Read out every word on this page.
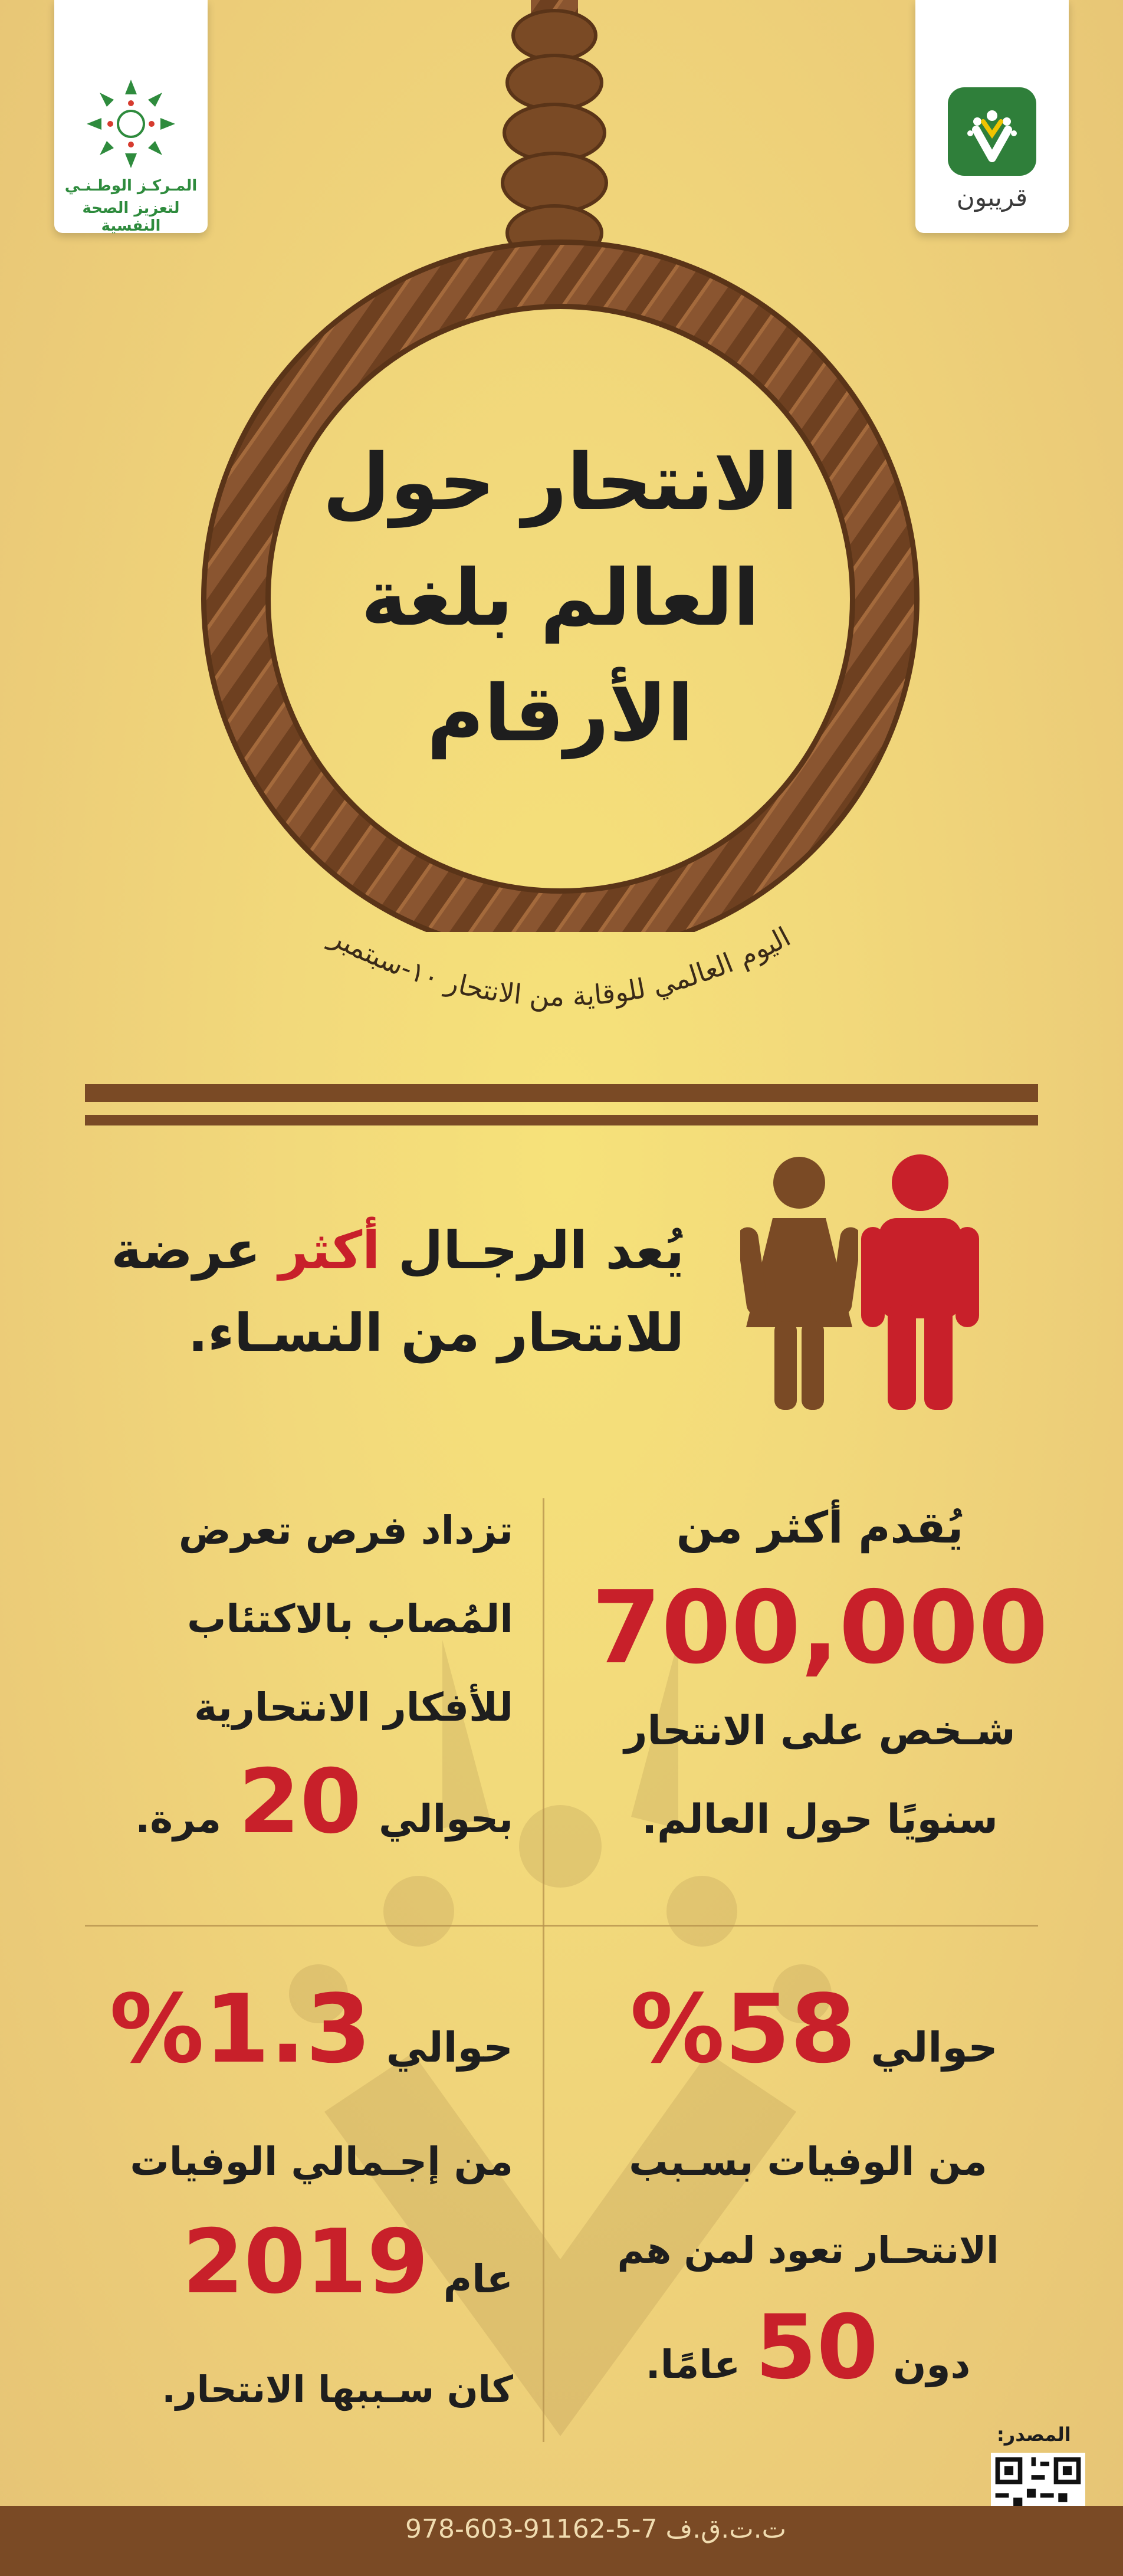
قريبون
المـركـز الوطـنـي
لتعزيز الصحة النفسية
الانتحار حول
العالم بلغة
الأرقام
اليوم العالمي للوقاية من الانتحار ١٠-سبتمبر
يُعد الرجـال أكثر عرضة
للانتحار من النسـاء.
يُقدم أكثر من
700,000
شـخص على الانتحار
سنويًا حول العالم.
تزداد فرص تعرض
المُصاب بالاكتئاب
للأفكار الانتحارية
بحوالي 20 مرة.
حوالي %58
من الوفيات بسـبب
الانتحـار تعود لمن هم
دون 50 عامًا.
حوالي %1.3
من إجـمالي الوفيات
عام 2019
كان سـببها الانتحار.
المصدر:
ت.ت.ق.ف 7-5-91162-603-978
